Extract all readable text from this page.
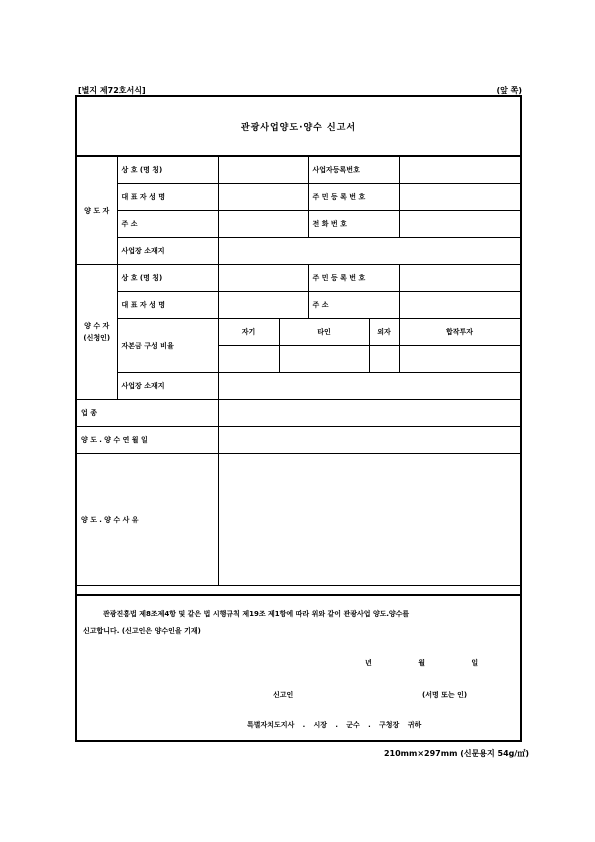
[별지 제72호서식]	(앞 쪽)
관광사업양도·양수 신고서
양 도 자	상 호 (명 칭)			사업자등록번호			
	대 표 자 성 명			주 민 등 록 번 호			
	주 소			전 화 번 호			
	사업장 소재지						
양 수 자 (신청인)	상 호 (명 칭)			주 민 등 록 번 호			
	대 표 자 성 명			주 소			
	자본금 구성 비율	자기	타인		외자	합작투자	

	사업장 소재지						
업 종							
양 도 ․ 양 수 연 월 일							
양 도 ․ 양 수 사 유							
관광진흥법 제8조제4항 및 같은 법 시행규칙 제19조 제1항에 따라 위와 같이 관광사업 양도․양수를
신고합니다. (신고인은 양수인을 기재)
년 월 일
신고인	(서명 또는 인)
특별자치도지사 ․ 시장 ․ 군수 ․ 구청장 귀하
210mm×297mm (신문용지 54g/㎡)
